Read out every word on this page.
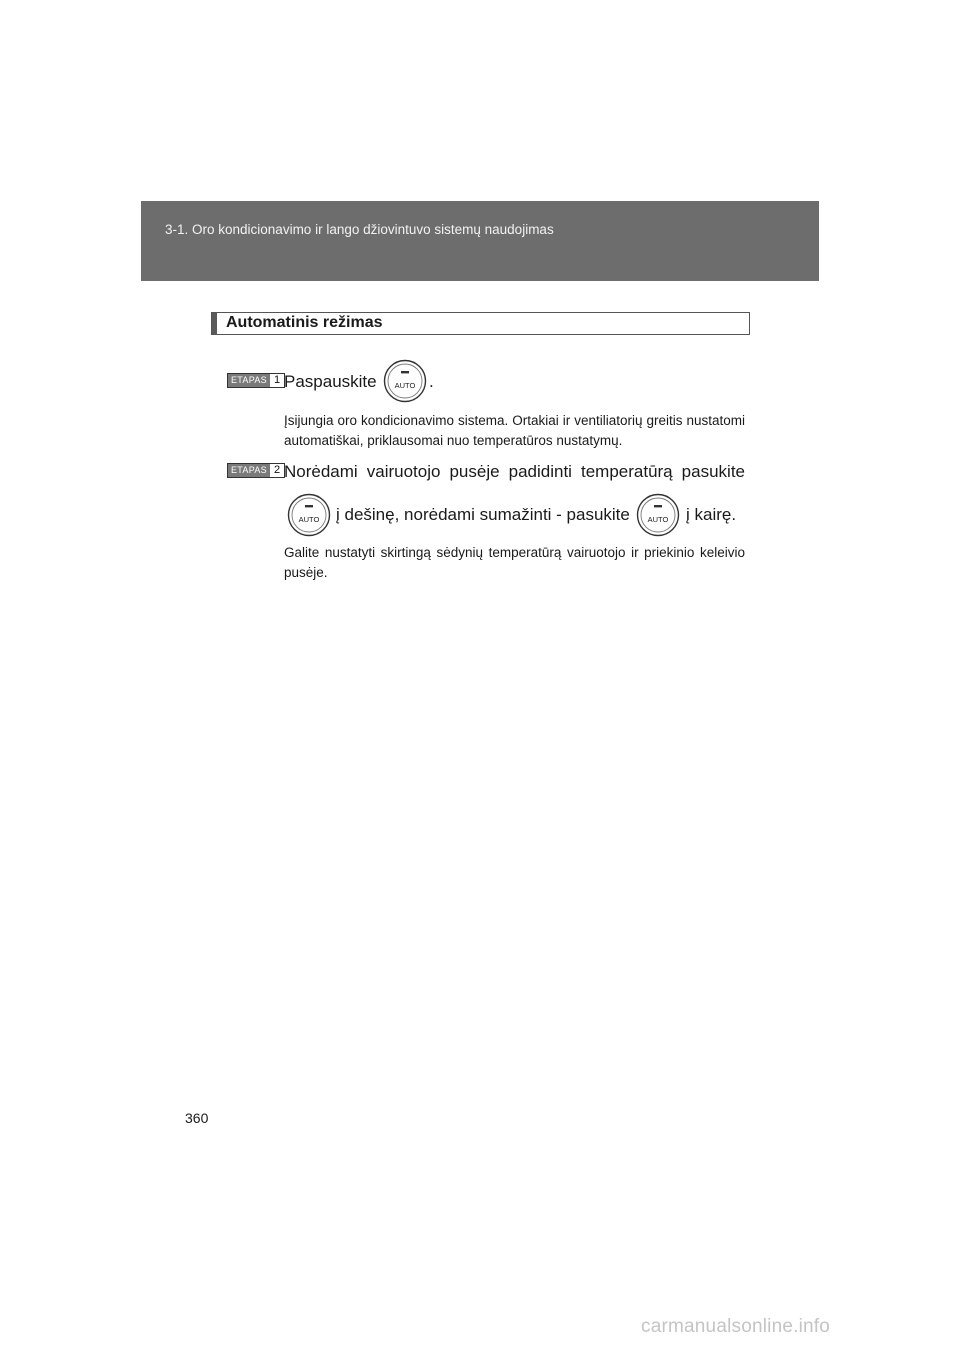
3-1. Oro kondicionavimo ir lango džiovintuvo sistemų naudojimas
Automatinis režimas
ETAPAS 1 Paspauskite AUTO .
Įsijungia oro kondicionavimo sistema. Ortakiai ir ventiliatorių greitis nustatomi automatiškai, priklausomai nuo temperatūros nustatymų.
ETAPAS 2 Norėdami vairuotojo pusėje padidinti temperatūrą pasukite
AUTO į dešinę, norėdami sumažinti - pasukite AUTO į kairę.
Galite nustatyti skirtingą sėdynių temperatūrą vairuotojo ir priekinio keleivio pusėje.
360
carmanualsonline.info
